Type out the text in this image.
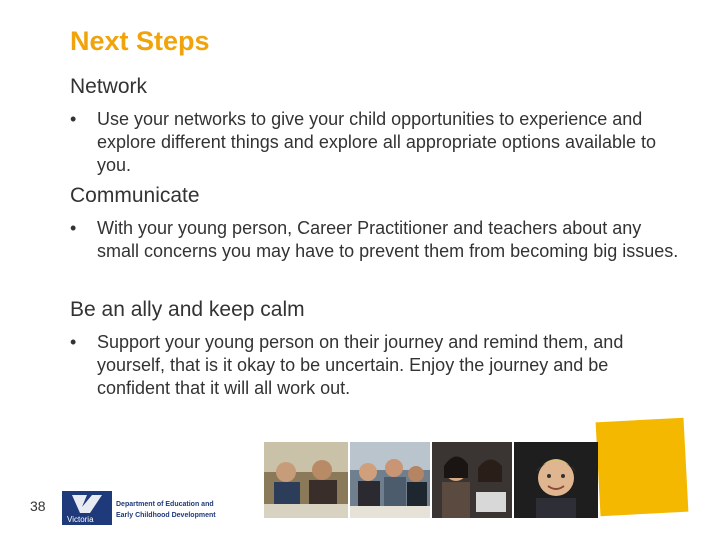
Next Steps
Network
•	Use your networks to give your child opportunities to experience and explore different things and explore all appropriate options available to you.
Communicate
•	With your young person, Career Practitioner and teachers about any small concerns you may have to prevent them from becoming big issues.
Be an ally and keep calm
•	Support your young person on their journey and remind them, and yourself, that is it okay to be uncertain. Enjoy the journey and be confident that it will all work out.
38
Victoria
Department of Education and
Early Childhood Development
